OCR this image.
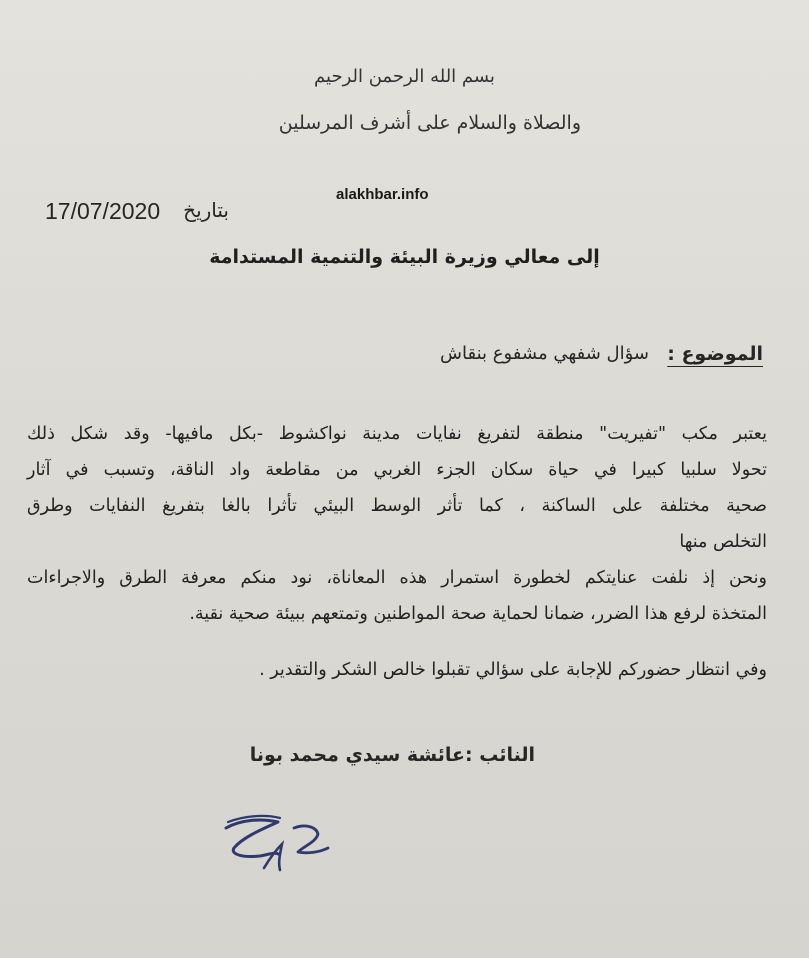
بسم الله الرحمن الرحيم
والصلاة والسلام على أشرف المرسلين
alakhbar.info
17/07/2020 بتاريخ
إلى معالي وزيرة البيئة والتنمية المستدامة
الموضوع :
سؤال شفهي مشفوع بنقاش
يعتبر مكب "تفيريت" منطقة لتفريغ نفايات مدينة نواكشوط -بكل مافيها- وقد شكل ذلك
تحولا سلبيا كبيرا في حياة سكان الجزء الغربي من مقاطعة واد الناقة، وتسبب في آثار
صحية مختلفة على الساكنة ، كما تأثر الوسط البيئي تأثرا بالغا بتفريغ النفايات وطرق
التخلص منها
ونحن إذ نلفت عنايتكم لخطورة استمرار هذه المعاناة، نود منكم معرفة الطرق والاجراءات
المتخذة لرفع هذا الضرر، ضمانا لحماية صحة المواطنين وتمتعهم ببيئة صحية نقية.
وفي انتظار حضوركم للإجابة على سؤالي تقبلوا خالص الشكر والتقدير .
النائب :عائشة سيدي محمد بونا
